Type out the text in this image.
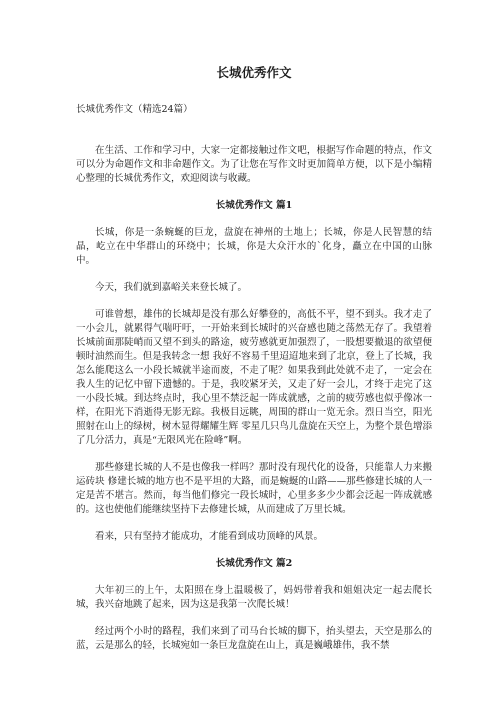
长城优秀作文

长城优秀作文（精选24篇）

在生活、工作和学习中，大家一定都接触过作文吧，根据写作命题的特点，作文可以分为命题作文和非命题作文。为了让您在写作文时更加简单方便，以下是小编精心整理的长城优秀作文，欢迎阅读与收藏。

长城优秀作文 篇1

长城，你是一条蜿蜒的巨龙，盘旋在神州的土地上；长城，你是人民智慧的结晶，屹立在中华群山的环绕中；长城，你是大众汗水的`化身，矗立在中国的山脉中。

今天，我们就到嘉峪关来登长城了。

可谁曾想，雄伟的长城却是没有那么好攀登的，高低不平，望不到头。我才走了一小会儿，就累得气喘吁吁，一开始来到长城时的兴奋感也随之荡然无存了。我望着长城前面那陡峭而又望不到头的路途，疲劳感就更加强烈了，一股想要撤退的欲望便顿时油然而生。但是我转念一想 我好不容易千里迢迢地来到了北京，登上了长城，我怎么能爬这么一小段长城就半途而废，不走了呢？如果我到此处就不走了，一定会在我人生的记忆中留下遗憾的。于是，我咬紧牙关，又走了好一会儿，才终于走完了这一小段长城。到达终点时，我心里不禁泛起一阵成就感，之前的疲劳感也似乎像冰一样，在阳光下消逝得无影无踪。我极目远眺，周围的群山一览无余。烈日当空，阳光照射在山上的绿树，树木显得耀耀生辉 零星几只鸟儿盘旋在天空上，为整个景色增添了几分活力，真是“无限风光在险峰”啊。

那些修建长城的人不是也像我一样吗？那时没有现代化的设备，只能靠人力来搬运砖块 修建长城的地方也不是平坦的大路，而是蜿蜒的山路——那些修建长城的人一定是苦不堪言。然而，每当他们修完一段长城时，心里多多少少都会泛起一阵成就感的。这也使他们能继续坚持下去修建长城，从而建成了万里长城。

看来，只有坚持才能成功，才能看到成功顶峰的风景。

长城优秀作文 篇2

大年初三的上午，太阳照在身上温暖极了，妈妈带着我和姐姐决定一起去爬长城，我兴奋地跳了起来，因为这是我第一次爬长城！

经过两个小时的路程，我们来到了司马台长城的脚下，抬头望去，天空是那么的蓝，云是那么的轻，长城宛如一条巨龙盘旋在山上，真是巍峨雄伟，我不禁
